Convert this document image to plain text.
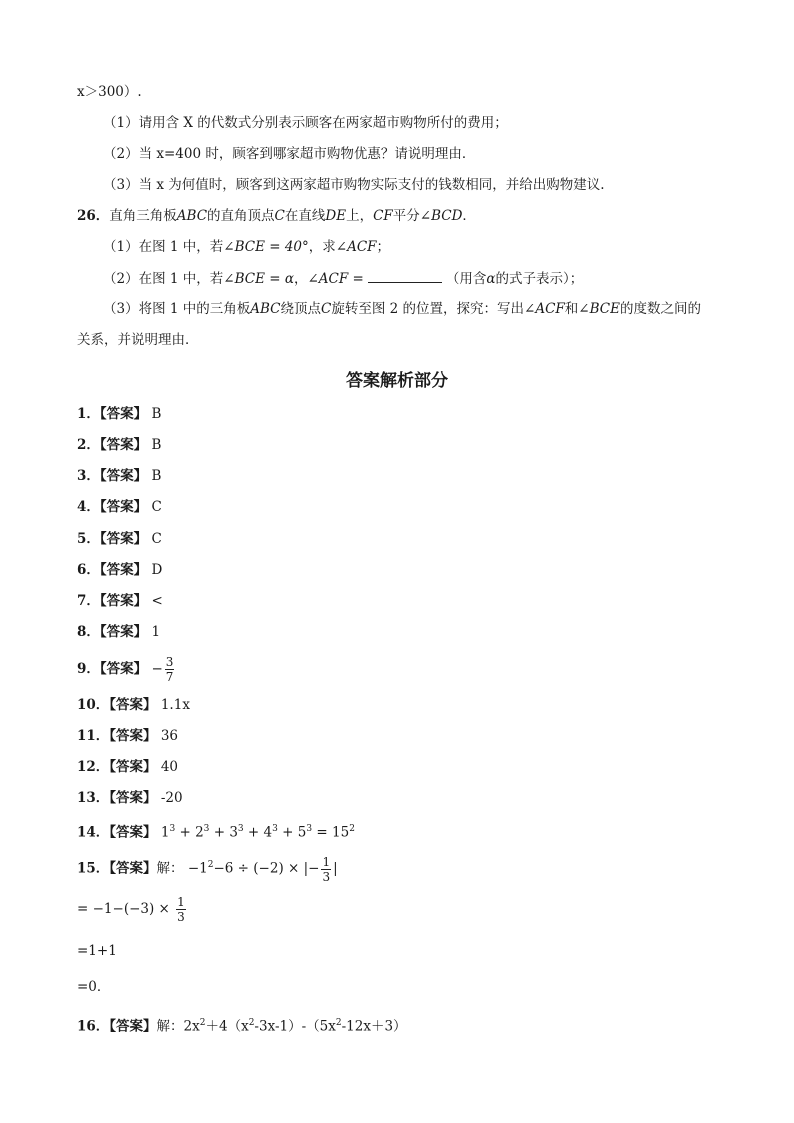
x＞300）.
（1）请用含 X 的代数式分别表示顾客在两家超市购物所付的费用；
（2）当 x=400 时，顾客到哪家超市购物优惠？请说明理由．
（3）当 x 为何值时，顾客到这两家超市购物实际支付的钱数相同，并给出购物建议.
26．直角三角板ABC的直角顶点C在直线DE上，CF平分∠BCD．
（1）在图 1 中，若∠BCE = 40°，求∠ACF；
（2）在图 1 中，若∠BCE = α，∠ACF =	（用含α的式子表示）；
（3）将图 1 中的三角板ABC绕顶点C旋转至图 2 的位置，探究：写出∠ACF和∠BCE的度数之间的
关系，并说明理由．
答案解析部分
1．【答案】 B
2．【答案】 B
3．【答案】 B
4．【答案】 C
5．【答案】 C
6．【答案】 D
7．【答案】 <
8．【答案】 1
9．【答案】 − $\frac{3}{7}$
10．【答案】 1.1x
11．【答案】 36
12．【答案】 40
13．【答案】 -20
14．【答案】 $1^3 + 2^3 + 3^3 + 4^3 + 5^3 = 15^2$
15．【答案】解： $-1^2-6 \div (-2)$ × |− $\frac{1}{3}$ |
= $-1-(-3) \times \frac{1}{3}$
=1+1
=0．
16．【答案】解：$2x^2+4(x^2-3x-1)-(5x^2-12x+3)$
